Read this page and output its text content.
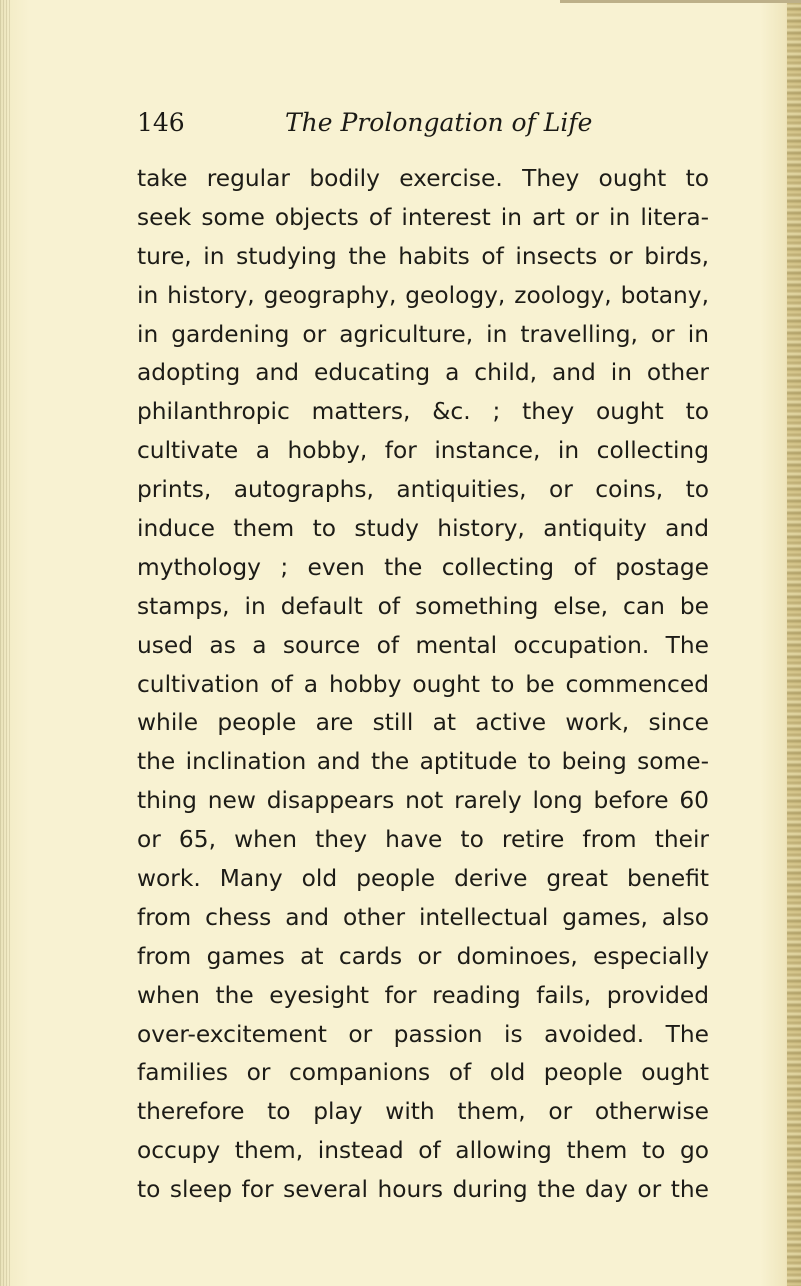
146	The Prolongation of Life
take regular bodily exercise. They ought to
seek some objects of interest in art or in litera-
ture, in studying the habits of insects or birds,
in history, geography, geology, zoology, botany,
in gardening or agriculture, in travelling, or in
adopting and educating a child, and in other
philanthropic matters, &c. ; they ought to
cultivate a hobby, for instance, in collecting
prints, autographs, antiquities, or coins, to
induce them to study history, antiquity and
mythology ; even the collecting of postage
stamps, in default of something else, can be
used as a source of mental occupation. The
cultivation of a hobby ought to be commenced
while people are still at active work, since
the inclination and the aptitude to being some-
thing new disappears not rarely long before 60
or 65, when they have to retire from their
work. Many old people derive great benefit
from chess and other intellectual games, also
from games at cards or dominoes, especially
when the eyesight for reading fails, provided
over-excitement or passion is avoided. The
families or companions of old people ought
therefore to play with them, or otherwise
occupy them, instead of allowing them to go
to sleep for several hours during the day or the
